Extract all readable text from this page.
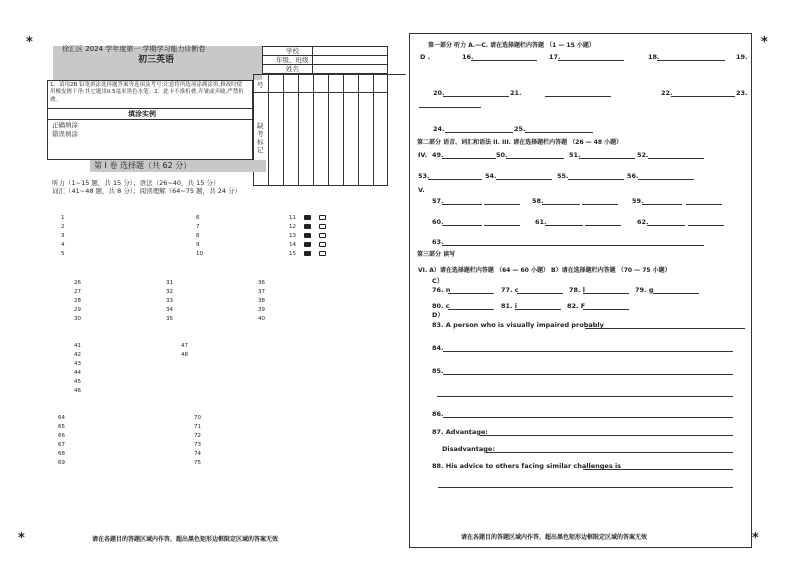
*	*
*	*
徐汇区 2024 学年度第一 学期学习能力诊断卷
初三英语
学校
年级、班级
姓名
1、请用2B 铅笔填涂选择题答案等选项及考号;注意将所选项涂满涂黑,修改时使用橡皮擦干净;其它题用0.5毫米黑色水笔。2、此卡不准折叠,弄皱或弄破,严禁折叠。
填涂实例
正确填涂
错误填涂
号
缺考标记
第 I 卷 选择题（共 62 分）
听力（1~15 题，共 15 分）；语法（26~40，共 15 分）
词汇（41~48 题，共 8 分）；阅读理解（64~75 题，共 24 分）
1
2
3
4
5
6
7
8
9
10
11
12
13
14
15
26
27
28
29
30
31
32
33
34
35
36
37
38
39
40
41
42
43
44
45
46
47
48
64
65
66
67
68
69
70
71
72
73
74
75
请在各题目的答题区域内作答，超出黑色矩形边框限定区域的答案无效
第一部分 听力 A.—C. 请在选择题栏内答题 （1 — 15 小题）
D .	16.	17.	18.	19.
20.	21.	22.	23.
24.	25.
第二部分 语音、词汇和语法 II. III. 请在选择题栏内答题 （26 — 48 小题）
IV. 49.	50.	51.	52.
53.	54.	55.	56.
V.
57.	58.	59.
60.	61.	62.
63.
第三部分 读写
VI. A）请在选择题栏内答题 （64 — 60 小题） B）请在选择题栏内答题 （70 — 75 小题）
C）
76. n	77. c	78. l	79. g
80. c	81. i	82. F
D）
83. A person who is visually impaired probably
84.
85.
86.
87. Advantage:
Disadvantage:
88. His advice to others facing similar challenges is
请在各题目的答题区域内作答，超出黑色矩形边框限定区域的答案无效
